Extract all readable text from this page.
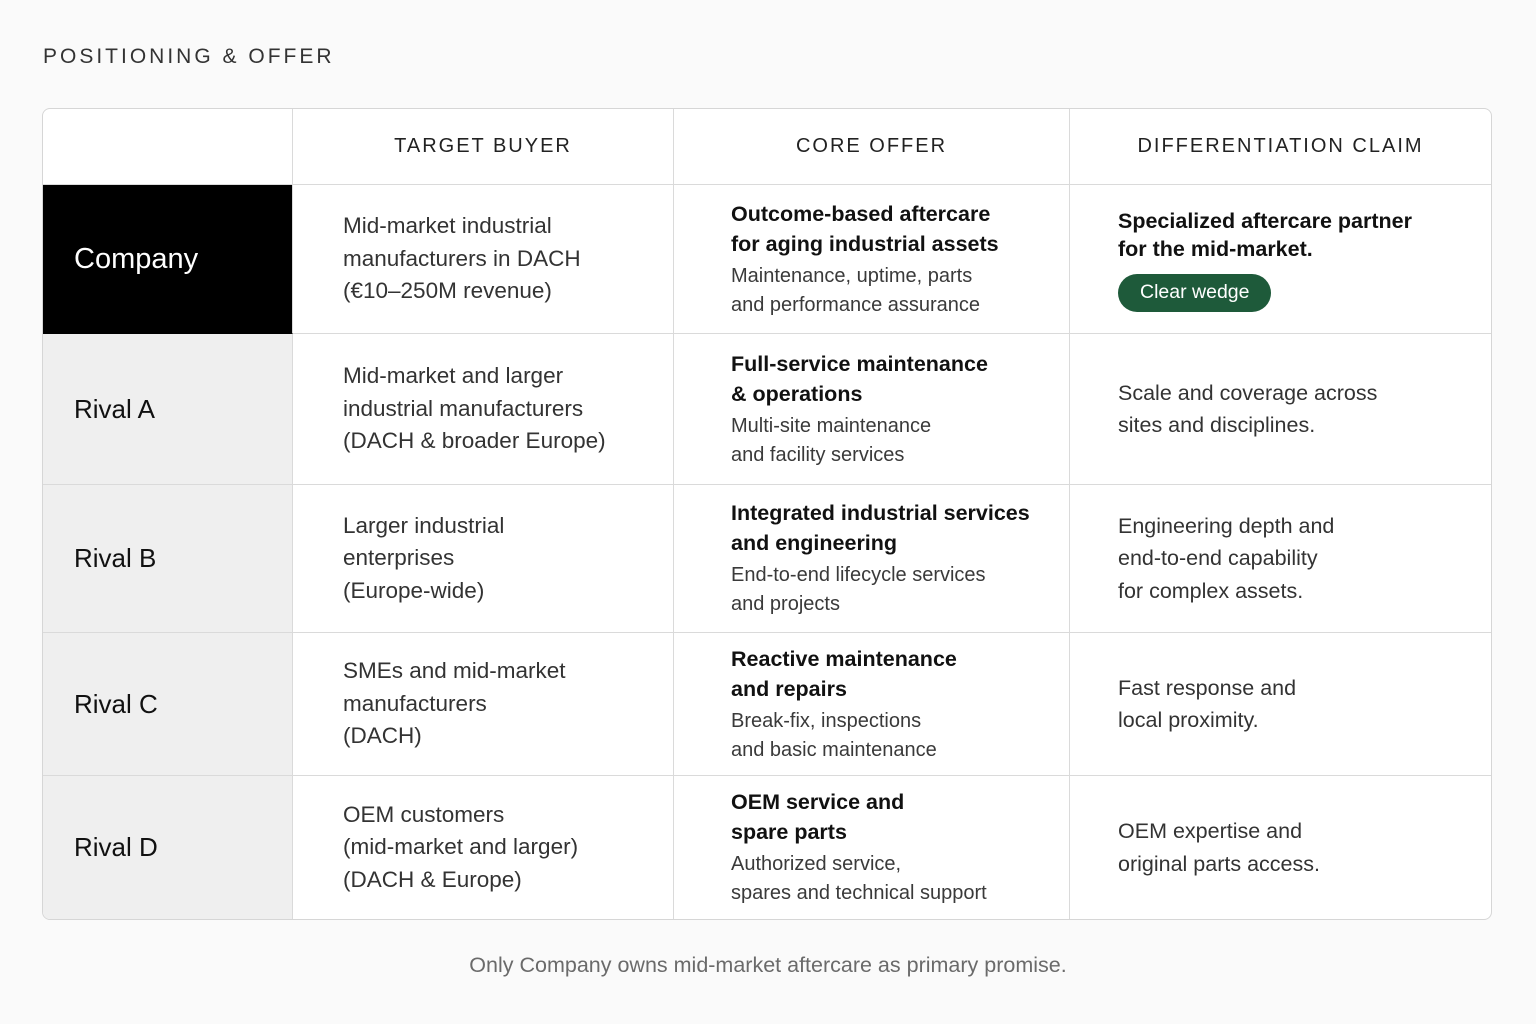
POSITIONING & OFFER
TARGET BUYER	CORE OFFER	DIFFERENTIATION CLAIM
Company
Mid-market industrial
manufacturers in DACH
(€10–250M revenue)
Outcome-based aftercare
for aging industrial assets
Maintenance, uptime, parts
and performance assurance
Specialized aftercare partner
for the mid-market.
Clear wedge
Rival A
Mid-market and larger
industrial manufacturers
(DACH & broader Europe)
Full-service maintenance
& operations
Multi-site maintenance
and facility services
Scale and coverage across
sites and disciplines.
Rival B
Larger industrial
enterprises
(Europe-wide)
Integrated industrial services
and engineering
End-to-end lifecycle services
and projects
Engineering depth and
end-to-end capability
for complex assets.
Rival C
SMEs and mid-market
manufacturers
(DACH)
Reactive maintenance
and repairs
Break-fix, inspections
and basic maintenance
Fast response and
local proximity.
Rival D
OEM customers
(mid-market and larger)
(DACH & Europe)
OEM service and
spare parts
Authorized service,
spares and technical support
OEM expertise and
original parts access.
Only Company owns mid-market aftercare as primary promise.
